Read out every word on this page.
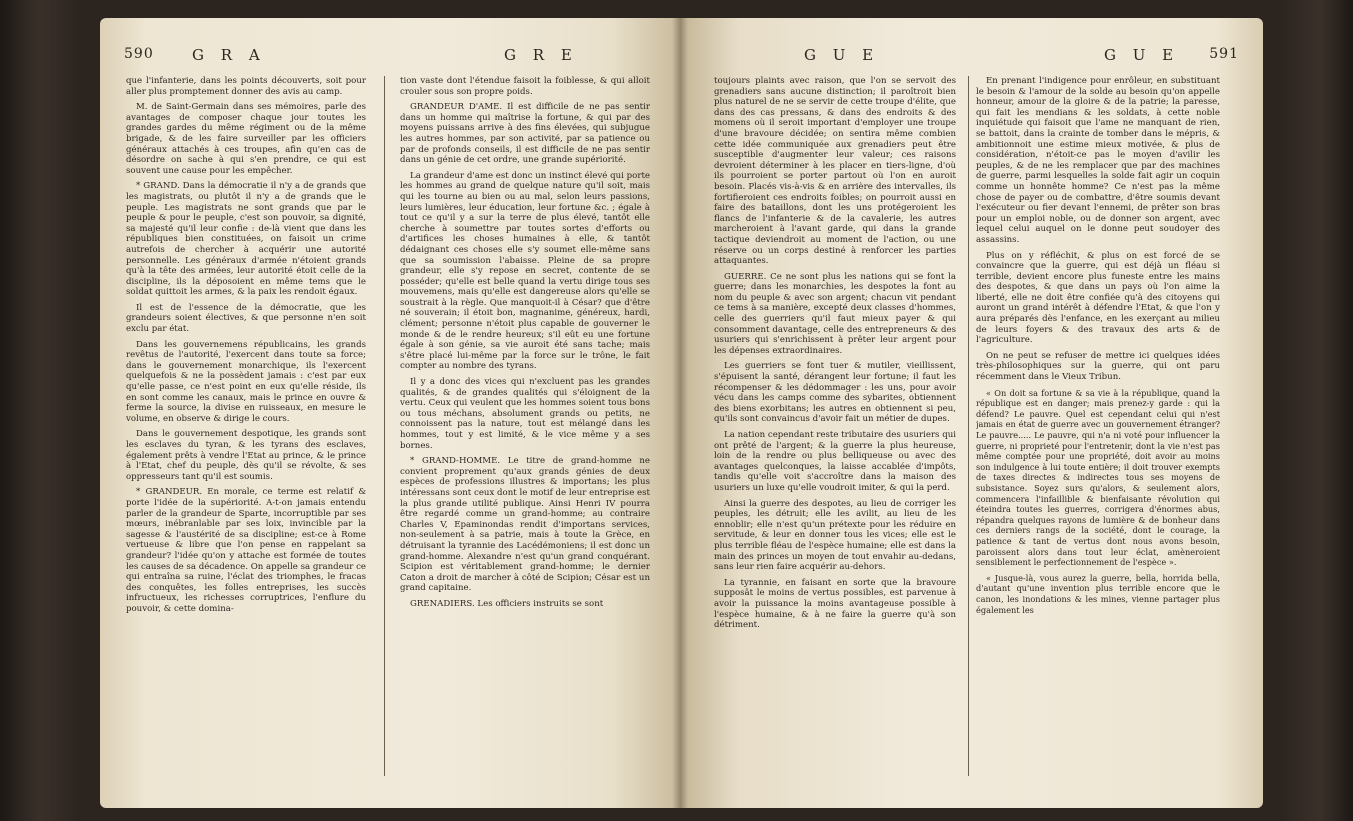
590	G R A	G R E

que l'infanterie, dans les points découverts, soit pour aller plus promptement donner des avis au camp.

M. de Saint-Germain dans ses mémoires, parle des avantages de composer chaque jour toutes les grandes gardes du même régiment ou de la même brigade, & de les faire surveiller par les officiers généraux attachés à ces troupes, afin qu'en cas de désordre on sache à qui s'en prendre, ce qui est souvent une cause pour les empêcher.

* GRAND. Dans la démocratie il n'y a de grands que les magistrats, ou plutôt il n'y a de grands que le peuple. Les magistrats ne sont grands que par le peuple & pour le peuple, c'est son pouvoir, sa dignité, sa majesté qu'il leur confie : de-là vient que dans les républiques bien constituées, on faisoit un crime autrefois de chercher à acquérir une autorité personnelle. Les généraux d'armée n'étoient grands qu'à la tête des armées, leur autorité étoit celle de la discipline, ils la déposoient en même tems que le soldat quittoit les armes, & la paix les rendoit égaux.

Il est de l'essence de la démocratie, que les grandeurs soient électives, & que personne n'en soit exclu par état.

Dans les gouvernemens républicains, les grands revêtus de l'autorité, l'exercent dans toute sa force; dans le gouvernement monarchique, ils l'exercent quelquefois & ne la possèdent jamais : c'est par eux qu'elle passe, ce n'est point en eux qu'elle réside, ils en sont comme les canaux, mais le prince en ouvre & ferme la source, la divise en ruisseaux, en mesure le volume, en observe & dirige le cours.

Dans le gouvernement despotique, les grands sont les esclaves du tyran, & les tyrans des esclaves, également prêts à vendre l'Etat au prince, & le prince à l'Etat, chef du peuple, dès qu'il se révolte, & ses oppresseurs tant qu'il est soumis.

* GRANDEUR. En morale, ce terme est relatif & porte l'idée de la supériorité. A-t-on jamais entendu parler de la grandeur de Sparte, incorruptible par ses mœurs, inébranlable par ses loix, invincible par la sagesse & l'austérité de sa discipline; est-ce à Rome vertueuse & libre que l'on pense en rappelant sa grandeur? l'idée qu'on y attache est formée de toutes les causes de sa décadence. On appelle sa grandeur ce qui entraîna sa ruine, l'éclat des triomphes, le fracas des conquêtes, les folles entreprises, les succès infructueux, les richesses corruptrices, l'enflure du pouvoir, & cette domina-

tion vaste dont l'étendue faisoit la foiblesse, & qui alloit crouler sous son propre poids.

GRANDEUR D'AME. Il est difficile de ne pas sentir dans un homme qui maîtrise la fortune, & qui par des moyens puissans arrive à des fins élevées, qui subjugue les autres hommes, par son activité, par sa patience ou par de profonds conseils, il est difficile de ne pas sentir dans un génie de cet ordre, une grande supériorité.

La grandeur d'ame est donc un instinct élevé qui porte les hommes au grand de quelque nature qu'il soit, mais qui les tourne au bien ou au mal, selon leurs passions, leurs lumières, leur éducation, leur fortune &c. ; égale à tout ce qu'il y a sur la terre de plus élevé, tantôt elle cherche à soumettre par toutes sortes d'efforts ou d'artifices les choses humaines à elle, & tantôt dédaignant ces choses elle s'y soumet elle-même sans que sa soumission l'abaisse. Pleine de sa propre grandeur, elle s'y repose en secret, contente de se posséder; qu'elle est belle quand la vertu dirige tous ses mouvemens, mais qu'elle est dangereuse alors qu'elle se soustrait à la règle. Que manquoit-il à César? que d'être né souverain; il étoit bon, magnanime, généreux, hardi, clément; personne n'étoit plus capable de gouverner le monde & de le rendre heureux; s'il eût eu une fortune égale à son génie, sa vie auroit été sans tache; mais s'être placé lui-même par la force sur le trône, le fait compter au nombre des tyrans.

Il y a donc des vices qui n'excluent pas les grandes qualités, & de grandes qualités qui s'éloignent de la vertu. Ceux qui veulent que les hommes soient tous bons ou tous méchans, absolument grands ou petits, ne connoissent pas la nature, tout est mélangé dans les hommes, tout y est limité, & le vice même y a ses bornes.

* GRAND-HOMME. Le titre de grand-homme ne convient proprement qu'aux grands génies de deux espèces de professions illustres & importans; les plus intéressans sont ceux dont le motif de leur entreprise est la plus grande utilité publique. Ainsi Henri IV pourra être regardé comme un grand-homme; au contraire Charles V, Epaminondas rendit d'importans services, non-seulement à sa patrie, mais à toute la Grèce, en détruisant la tyrannie des Lacédémoniens; il est donc un grand-homme. Alexandre n'est qu'un grand conquérant. Scipion est véritablement grand-homme; le dernier Caton a droit de marcher à côté de Scipion; César est un grand capitaine.

GRENADIERS. Les officiers instruits se sont

G U E	G U E 591

toujours plaints avec raison, que l'on se servoit des grenadiers sans aucune distinction; il paroîtroit bien plus naturel de ne se servir de cette troupe d'élite, que dans des cas pressans, & dans des endroits & des momens où il seroit important d'employer une troupe d'une bravoure décidée; on sentira même combien cette idée communiquée aux grenadiers peut être susceptible d'augmenter leur valeur; ces raisons devroient déterminer à les placer en tiers-ligne, d'où ils pourroient se porter partout où l'on en auroit besoin. Placés vis-à-vis & en arrière des intervalles, ils fortifieroient ces endroits foibles; on pourroit aussi en faire des bataillons, dont les uns protégeroient les flancs de l'infanterie & de la cavalerie, les autres marcheroient à l'avant garde, qui dans la grande tactique deviendroit au moment de l'action, ou une réserve ou un corps destiné à renforcer les parties attaquantes.

GUERRE. Ce ne sont plus les nations qui se font la guerre; dans les monarchies, les despotes la font au nom du peuple & avec son argent; chacun vit pendant ce tems à sa manière, excepté deux classes d'hommes, celle des guerriers qu'il faut mieux payer & qui consomment davantage, celle des entrepreneurs & des usuriers qui s'enrichissent à prêter leur argent pour les dépenses extraordinaires.

Les guerriers se font tuer & mutiler, vieillissent, s'épuisent la santé, dérangent leur fortune; il faut les récompenser & les dédommager : les uns, pour avoir vécu dans les camps comme des sybarites, obtiennent des biens exorbitans; les autres en obtiennent si peu, qu'ils sont convaincus d'avoir fait un métier de dupes.

La nation cependant reste tributaire des usuriers qui ont prêté de l'argent; & la guerre la plus heureuse, loin de la rendre ou plus belliqueuse ou avec des avantages quelconques, la laisse accablée d'impôts, tandis qu'elle voit s'accroître dans la maison des usuriers un luxe qu'elle voudroit imiter, & qui la perd.

Ainsi la guerre des despotes, au lieu de corriger les peuples, les détruit; elle les avilit, au lieu de les ennoblir; elle n'est qu'un prétexte pour les réduire en servitude, & leur en donner tous les vices; elle est le plus terrible fléau de l'espèce humaine; elle est dans la main des princes un moyen de tout envahir au-dedans, sans leur rien faire acquérir au-dehors.

La tyrannie, en faisant en sorte que la bravoure supposât le moins de vertus possibles, est parvenue à avoir la puissance la moins avantageuse possible à l'espèce humaine, & à ne faire la guerre qu'à son détriment.

En prenant l'indigence pour enrôleur, en substituant le besoin & l'amour de la solde au besoin qu'on appelle honneur, amour de la gloire & de la patrie; la paresse, qui fait les mendians & les soldats, à cette noble inquiétude qui faisoit que l'ame ne manquant de rien, se battoit, dans la crainte de tomber dans le mépris, & ambitionnoit une estime mieux motivée, & plus de considération, n'étoit-ce pas le moyen d'avilir les peuples, & de ne les remplacer que par des machines de guerre, parmi lesquelles la solde fait agir un coquin comme un honnête homme? Ce n'est pas la même chose de payer ou de combattre, d'être soumis devant l'exécuteur ou fier devant l'ennemi, de prêter son bras pour un emploi noble, ou de donner son argent, avec lequel celui auquel on le donne peut soudoyer des assassins.

Plus on y réfléchit, & plus on est forcé de se convaincre que la guerre, qui est déjà un fléau si terrible, devient encore plus funeste entre les mains des despotes, & que dans un pays où l'on aime la liberté, elle ne doit être confiée qu'à des citoyens qui auront un grand intérêt à défendre l'Etat, & que l'on y aura préparés dès l'enfance, en les exerçant au milieu de leurs foyers & des travaux des arts & de l'agriculture.

On ne peut se refuser de mettre ici quelques idées très-philosophiques sur la guerre, qui ont paru récemment dans le Vieux Tribun.

« On doit sa fortune & sa vie à la république, quand la république est en danger; mais prenez-y garde : qui la défend? Le pauvre. Quel est cependant celui qui n'est jamais en état de guerre avec un gouvernement étranger? Le pauvre..... Le pauvre, qui n'a ni voté pour influencer la guerre, ni proprieté pour l'entretenir, dont la vie n'est pas même comptée pour une propriété, doit avoir au moins son indulgence à lui toute entière; il doit trouver exempts de taxes directes & indirectes tous ses moyens de subsistance. Soyez surs qu'alors, & seulement alors, commencera l'infaillible & bienfaisante révolution qui éteindra toutes les guerres, corrigera d'énormes abus, répandra quelques rayons de lumière & de bonheur dans ces derniers rangs de la société, dont le courage, la patience & tant de vertus dont nous avons besoin, paroissent alors dans tout leur éclat, amèneroient sensiblement le perfectionnement de l'espèce ».

« Jusque-là, vous aurez la guerre, bella, horrida bella, d'autant qu'une invention plus terrible encore que le canon, les inondations & les mines, vienne partager plus également les
